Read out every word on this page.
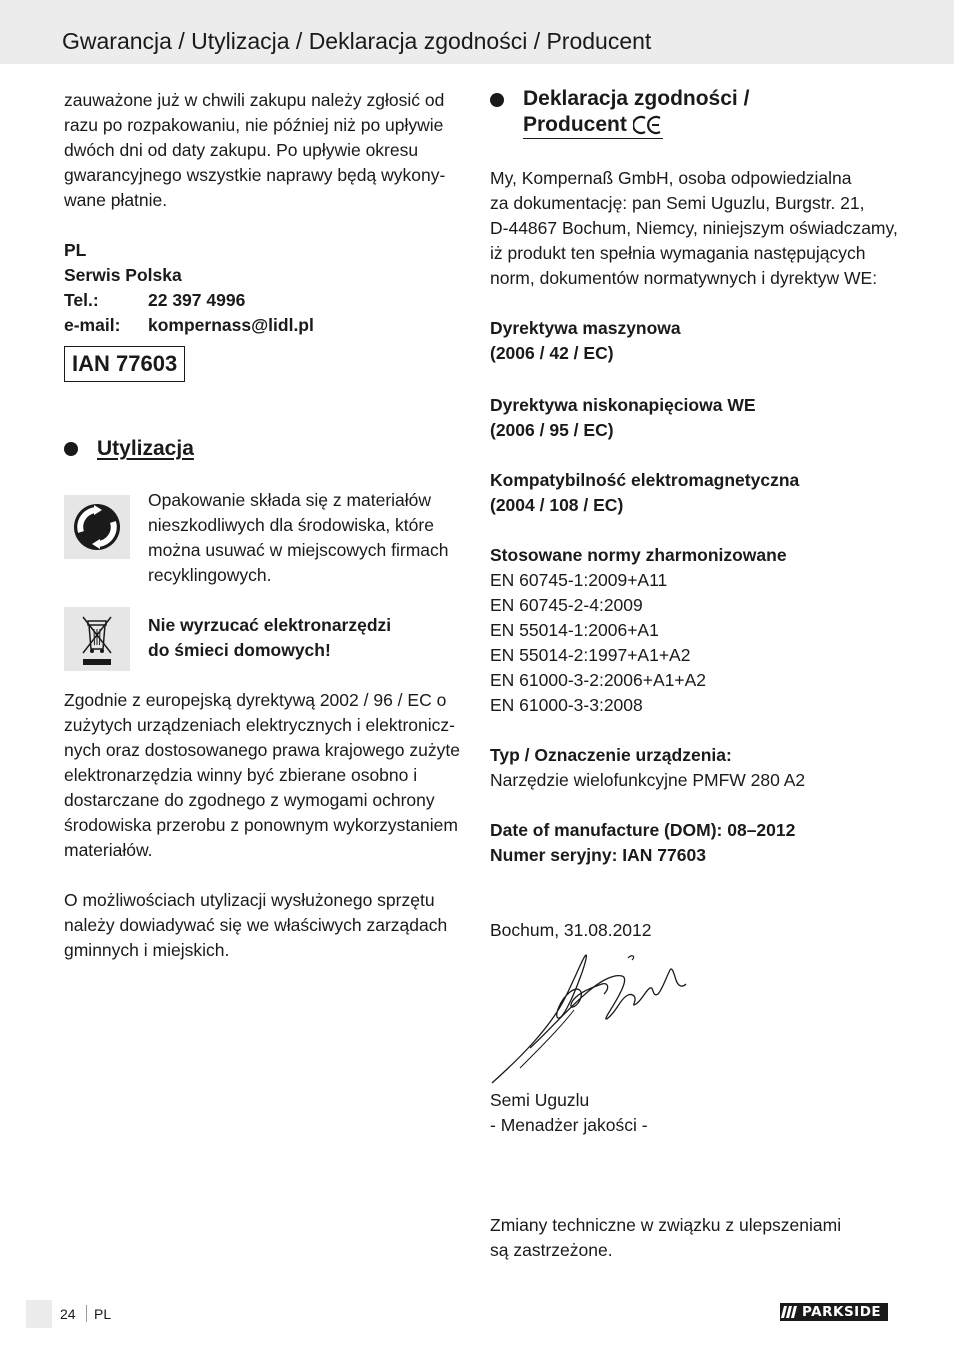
Gwarancja / Utylizacja / Deklaracja zgodności / Producent

zauważone już w chwili zakupu należy zgłosić od

razu po rozpakowaniu, nie później niż po upływie

dwóch dni od daty zakupu. Po upływie okresu

gwarancyjnego wszystkie naprawy będą wykony-

wane płatnie.

PL
Serwis Polska
Tel.:	22 397 4996
e-mail:	kompernass@lidl.pl
IAN 77603
Utylizacja

Opakowanie składa się z materiałów

nieszkodliwych dla środowiska, które

można usuwać w miejscowych firmach

recyklingowych.

Nie wyrzucać elektronarzędzi

do śmieci domowych!

Zgodnie z europejską dyrektywą 2002 / 96 / EC o

zużytych urządzeniach elektrycznych i elektronicz-

nych oraz dostosowanego prawa krajowego zużyte

elektronarzędzia winny być zbierane osobno i

dostarczane do zgodnego z wymogami ochrony

środowiska przerobu z ponownym wykorzystaniem

materiałów.

O możliwościach utylizacji wysłużonego sprzętu

należy dowiadywać się we właściwych zarządach

gminnych i miejskich.

Deklaracja zgodności /
Producent

My, Kompernaß GmbH, osoba odpowiedzialna

za dokumentację: pan Semi Uguzlu, Burgstr. 21,

D-44867 Bochum, Niemcy, niniejszym oświadczamy,

iż produkt ten spełnia wymagania następujących

norm, dokumentów normatywnych i dyrektyw WE:

Dyrektywa maszynowa

(2006 / 42 / EC)

Dyrektywa niskonapięciowa WE

(2006 / 95 / EC)

Kompatybilność elektromagnetyczna

(2004 / 108 / EC)

Stosowane normy zharmonizowane

EN 60745-1:2009+A11

EN 60745-2-4:2009

EN 55014-1:2006+A1

EN 55014-2:1997+A1+A2

EN 61000-3-2:2006+A1+A2

EN 61000-3-3:2008

Typ / Oznaczenie urządzenia:

Narzędzie wielofunkcyjne PMFW 280 A2

Date of manufacture (DOM): 08–2012

Numer seryjny: IAN 77603

Bochum, 31.08.2012

Semi Uguzlu

- Menadżer jakości -

Zmiany techniczne w związku z ulepszeniami

są zastrzeżone.

24 PL	PARKSIDE
